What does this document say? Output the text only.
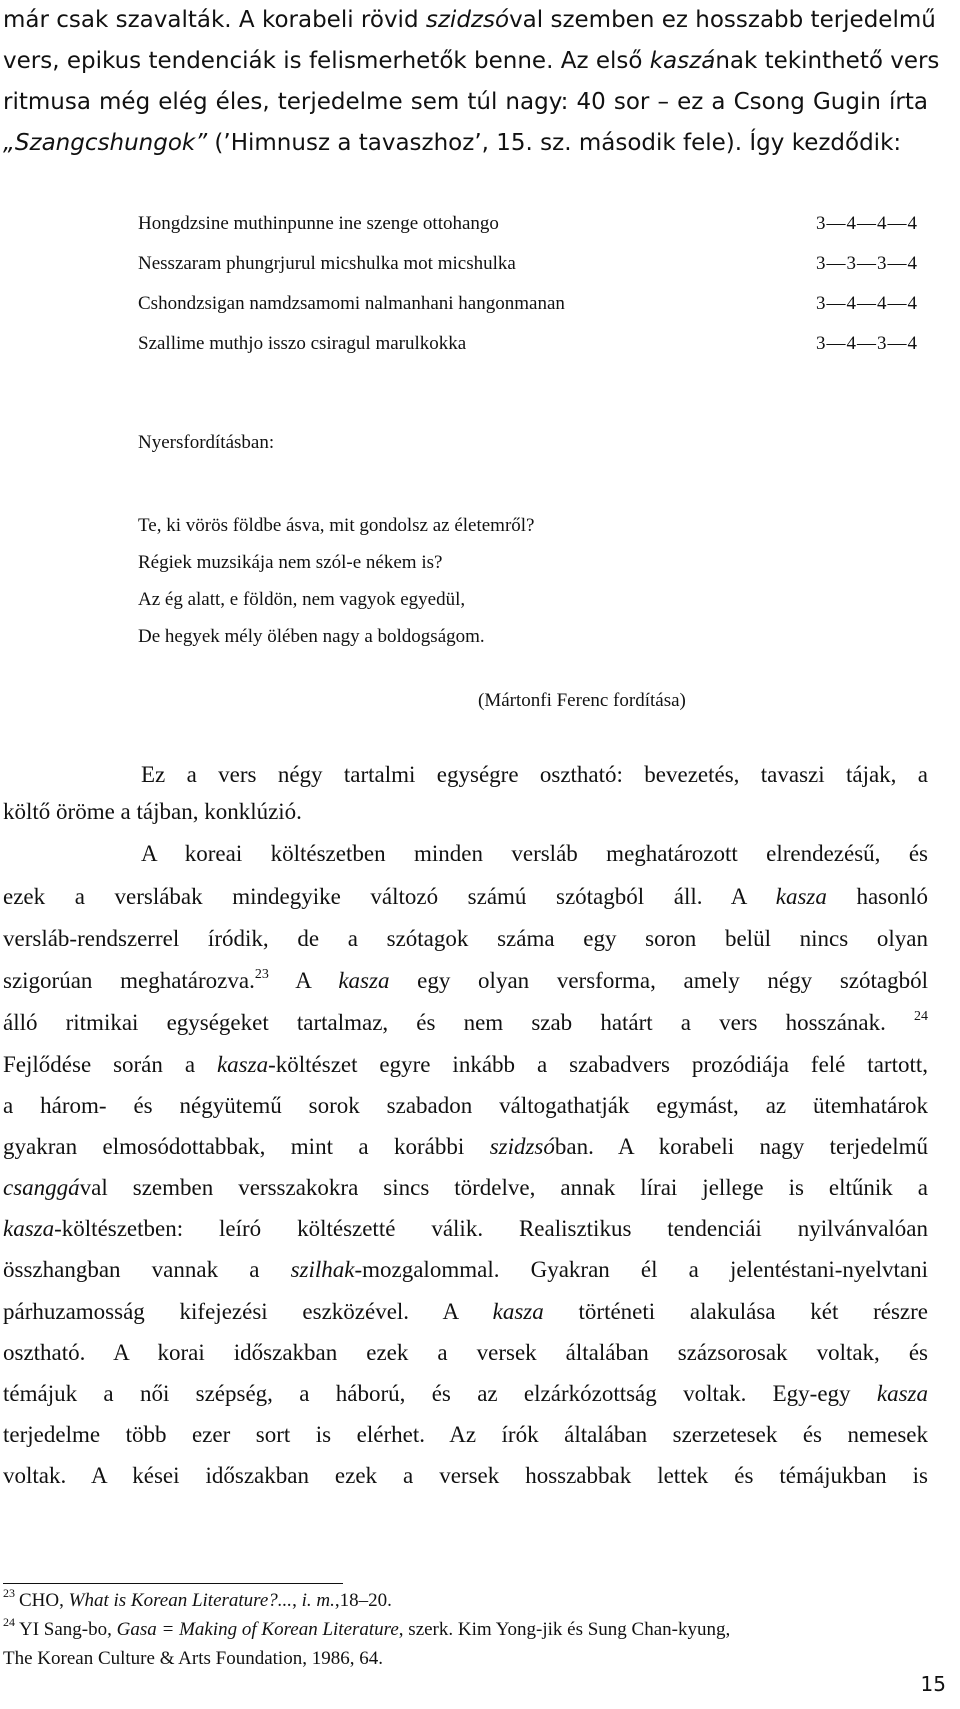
már csak szavalták. A korabeli rövid szidzsóval szemben ez hosszabb terjedelmű
vers, epikus tendenciák is felismerhetők benne. Az első kaszának tekinthető vers
ritmusa még elég éles, terjedelme sem túl nagy: 40 sor – ez a Csong Gugin írta
„Szangcshungok” (’Himnusz a tavaszhoz’, 15. sz. második fele). Így kezdődik:
Hongdzsine muthinpunne ine szenge ottohango	3—4—4—4
Nesszaram phungrjurul micshulka mot micshulka	3—3—3—4
Cshondzsigan namdzsamomi nalmanhani hangonmanan	3—4—4—4
Szallime muthjo isszo csiragul marulkokka	3—4—3—4
Nyersfordításban:
Te, ki vörös földbe ásva, mit gondolsz az életemről?
Régiek muzsikája nem szól-e nékem is?
Az ég alatt, e földön, nem vagyok egyedül,
De hegyek mély ölében nagy a boldogságom.
(Mártonfi Ferenc fordítása)
Ez a vers négy tartalmi egységre osztható: bevezetés, tavaszi tájak, a
költő öröme a tájban, konklúzió.
A koreai költészetben minden versláb meghatározott elrendezésű, és
ezek a verslábak mindegyike változó számú szótagból áll. A kasza hasonló
versláb-rendszerrel íródik, de a szótagok száma egy soron belül nincs olyan
szigorúan meghatározva.$^{23}$ A kasza egy olyan versforma, amely négy szótagból
álló ritmikai egységeket tartalmaz, és nem szab határt a vers hosszának. $^{24}$
Fejlődése során a kasza-költészet egyre inkább a szabadvers prozódiája felé tartott,
a három- és négyütemű sorok szabadon váltogathatják egymást, az ütemhatárok
gyakran elmosódottabbak, mint a korábbi szidzsóban. A korabeli nagy terjedelmű
csanggával szemben versszakokra sincs tördelve, annak lírai jellege is eltűnik a
kasza-költészetben: leíró költészetté válik. Realisztikus tendenciái nyilvánvalóan
összhangban vannak a szilhak-mozgalommal. Gyakran él a jelentéstani-nyelvtani
párhuzamosság kifejezési eszközével. A kasza történeti alakulása két részre
osztható. A korai időszakban ezek a versek általában százsorosak voltak, és
témájuk a női szépség, a háború, és az elzárkózottság voltak. Egy-egy kasza
terjedelme több ezer sort is elérhet. Az írók általában szerzetesek és nemesek
voltak. A kései időszakban ezek a versek hosszabbak lettek és témájukban is
$^{23}$ CHO, What is Korean Literature?..., i. m.,18–20.
$^{24}$ YI Sang-bo, Gasa = Making of Korean Literature, szerk. Kim Yong-jik és Sung Chan-kyung,
The Korean Culture & Arts Foundation, 1986, 64.
15
